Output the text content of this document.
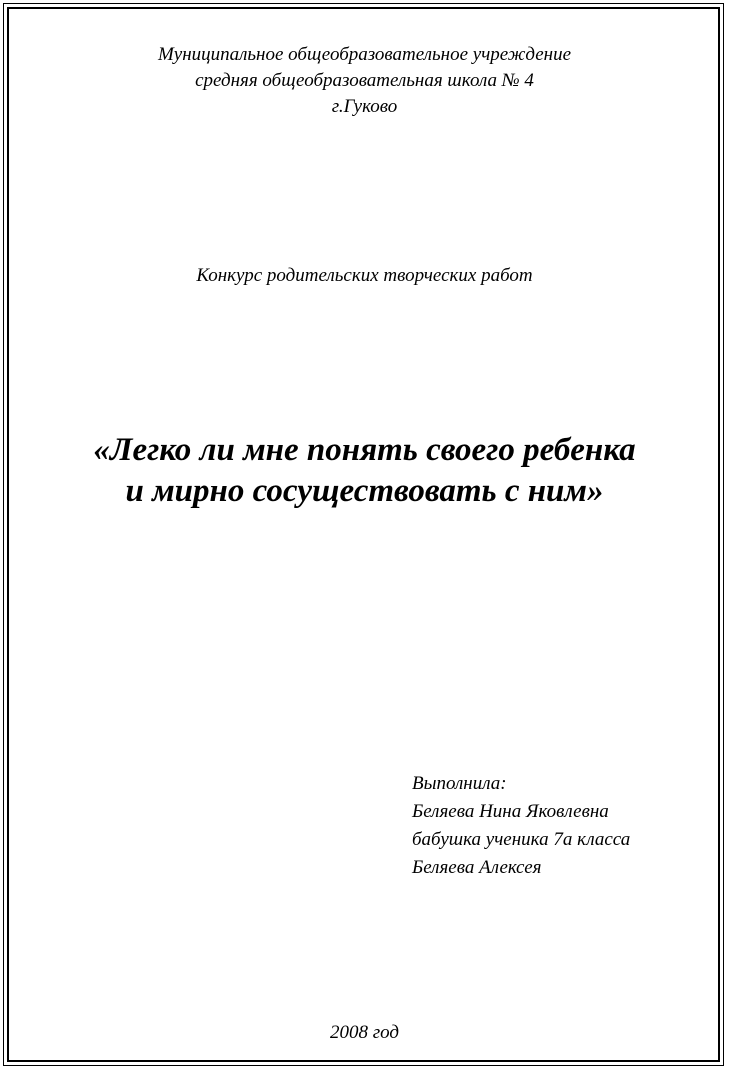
Муниципальное общеобразовательное учреждение
средняя общеобразовательная школа № 4
г.Гуково
Конкурс родительских творческих работ
«Легко ли мне понять своего ребенка
и мирно сосуществовать с ним»
Выполнила:
Беляева Нина Яковлевна
бабушка ученика 7а класса
Беляева Алексея
2008 год
